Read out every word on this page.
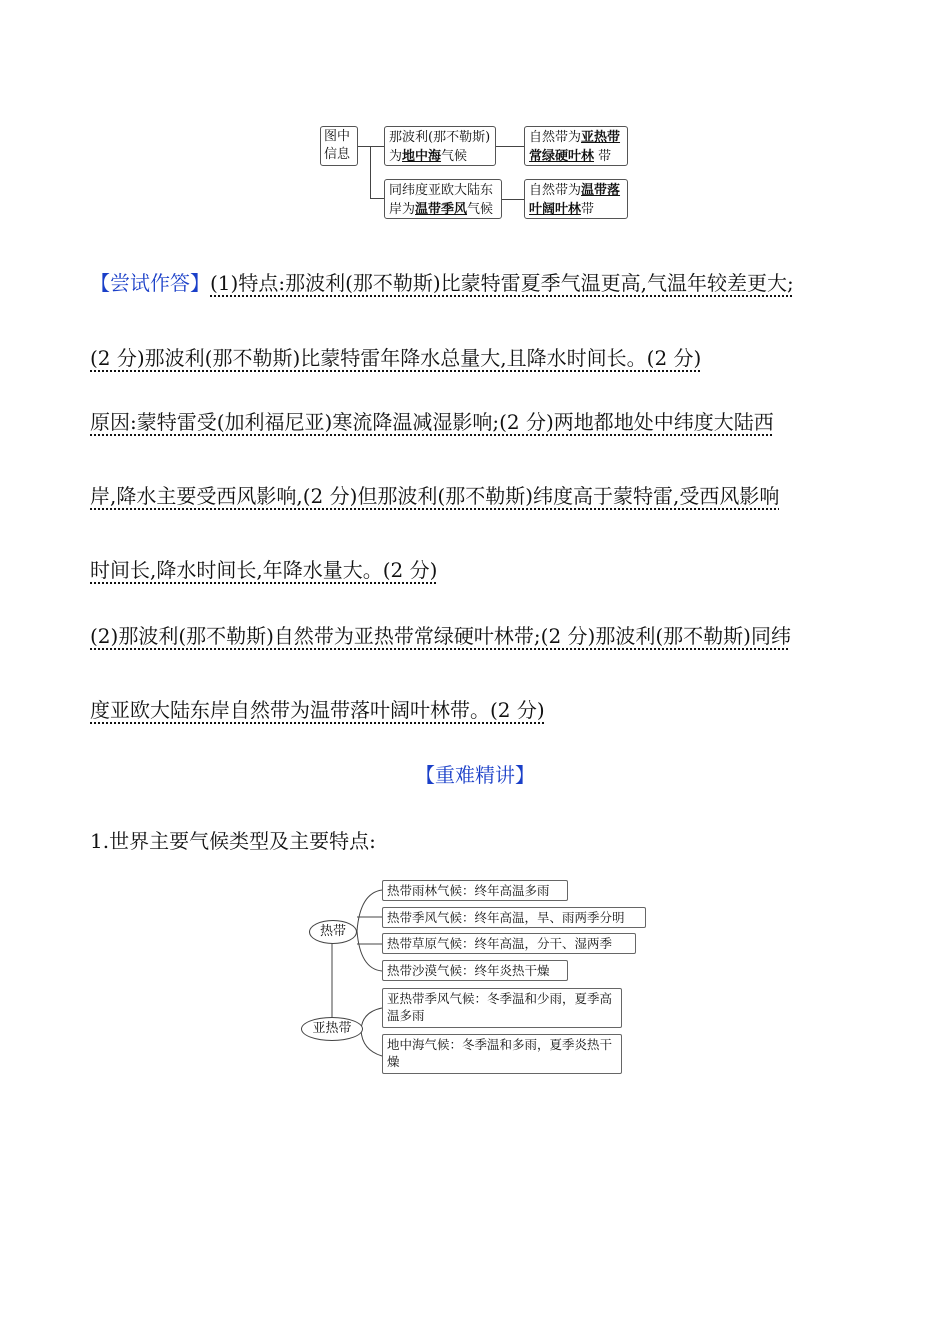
图中信息
那波利(那不勒斯)为地中海气候
自然带为亚热带常绿硬叶林 带
同纬度亚欧大陆东岸为温带季风气候
自然带为温带落叶阔叶林带
【尝试作答】(1)特点:那波利(那不勒斯)比蒙特雷夏季气温更高,气温年较差更大;
(2 分)那波利(那不勒斯)比蒙特雷年降水总量大,且降水时间长。(2 分)
原因:蒙特雷受(加利福尼亚)寒流降温减湿影响;(2 分)两地都地处中纬度大陆西
岸,降水主要受西风影响,(2 分)但那波利(那不勒斯)纬度高于蒙特雷,受西风影响
时间长,降水时间长,年降水量大。(2 分)
(2)那波利(那不勒斯)自然带为亚热带常绿硬叶林带;(2 分)那波利(那不勒斯)同纬
度亚欧大陆东岸自然带为温带落叶阔叶林带。(2 分)
【重难精讲】
1.世界主要气候类型及主要特点:
热带
亚热带
热带雨林气候：终年高温多雨
热带季风气候：终年高温，旱、雨两季分明
热带草原气候：终年高温，分干、湿两季
热带沙漠气候：终年炎热干燥
亚热带季风气候：冬季温和少雨，夏季高温多雨
地中海气候：冬季温和多雨，夏季炎热干燥
